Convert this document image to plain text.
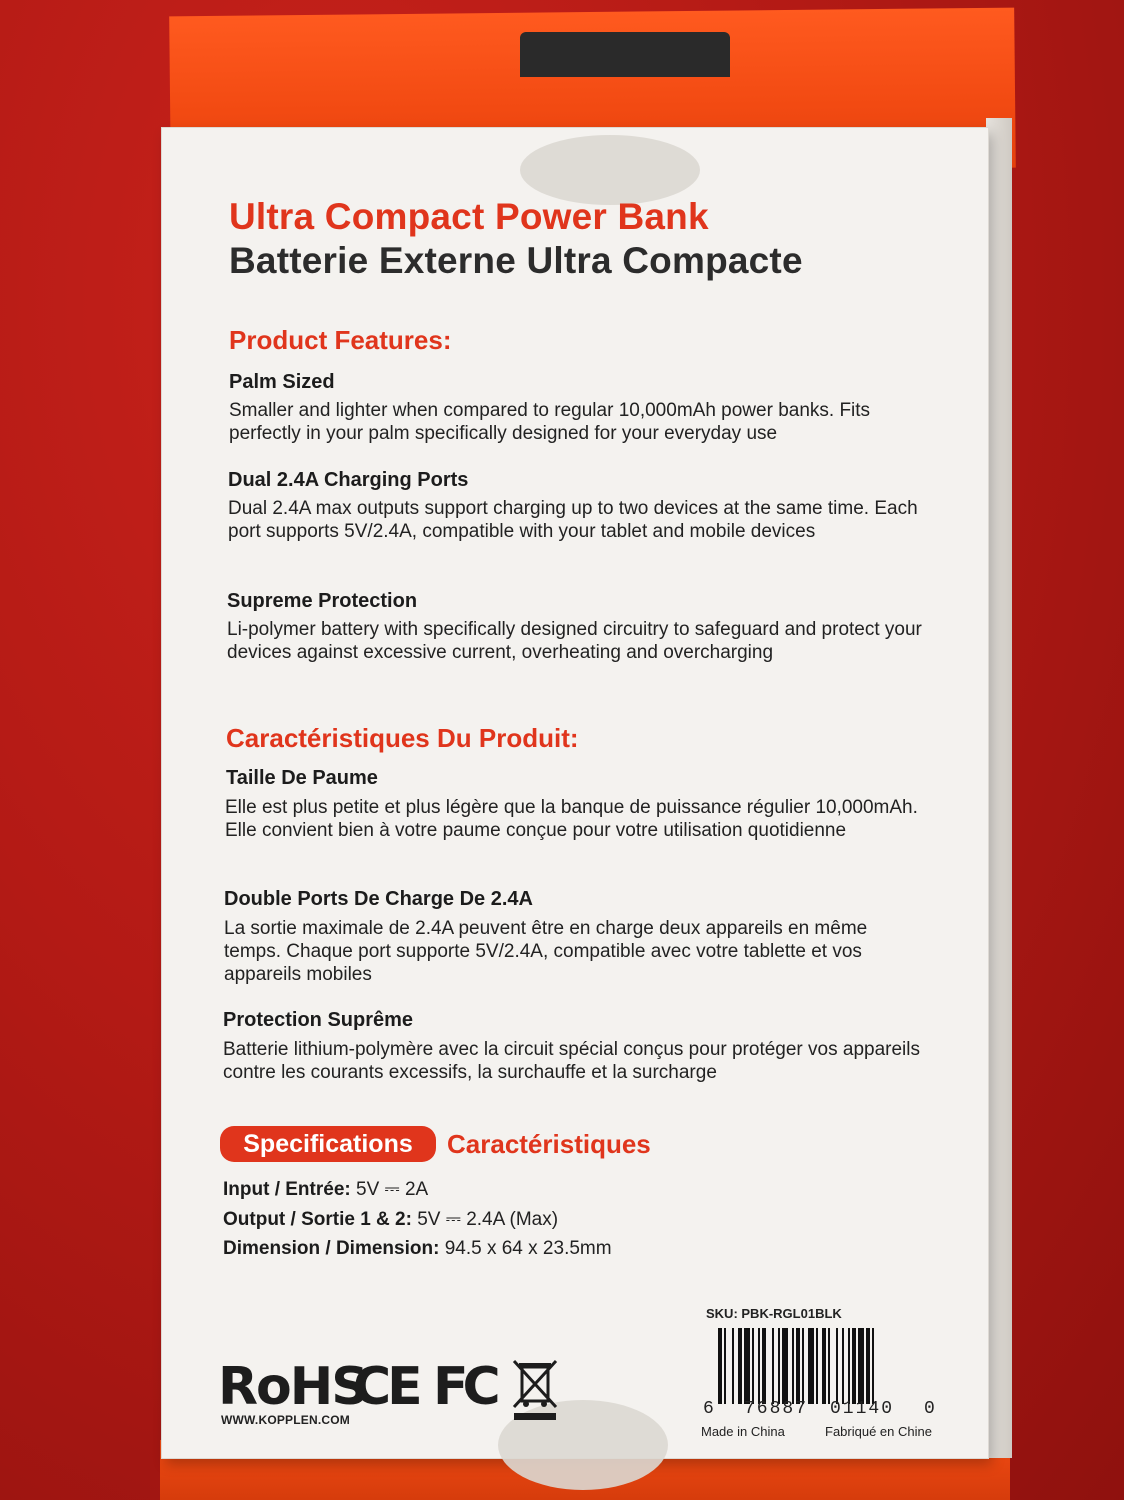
Ultra Compact Power Bank
Batterie Externe Ultra Compacte
Product Features:

Palm Sized

Smaller and lighter when compared to regular 10,000mAh power banks. Fits perfectly in your palm specifically designed for your everyday use

Dual 2.4A Charging Ports

Dual 2.4A max outputs support charging up to two devices at the same time. Each port supports 5V/2.4A, compatible with your tablet and mobile devices

Supreme Protection

Li-polymer battery with specifically designed circuitry to safeguard and protect your devices against excessive current, overheating and overcharging

Caractéristiques Du Produit:

Taille De Paume

Elle est plus petite et plus légère que la banque de puissance régulier 10,000mAh. Elle convient bien à votre paume conçue pour votre utilisation quotidienne

Double Ports De Charge De 2.4A

La sortie maximale de 2.4A peuvent être en charge deux appareils en même temps. Chaque port supporte 5V/2.4A, compatible avec votre tablette et vos appareils mobiles

Protection Suprême

Batterie lithium-polymère avec la circuit spécial conçus pour protéger vos appareils contre les courants excessifs, la surchauffe et la surcharge

Specifications	Caractéristiques

Input / Entrée: 5V ⎓ 2A

Output / Sortie 1 & 2: 5V ⎓ 2.4A (Max)

Dimension / Dimension: 94.5 x 64 x 23.5mm

RoHS
CE FC

WWW.KOPPLEN.COM

SKU: PBK-RGL01BLK

6 76887 01140 0

Made in China	Fabriqué en Chine
